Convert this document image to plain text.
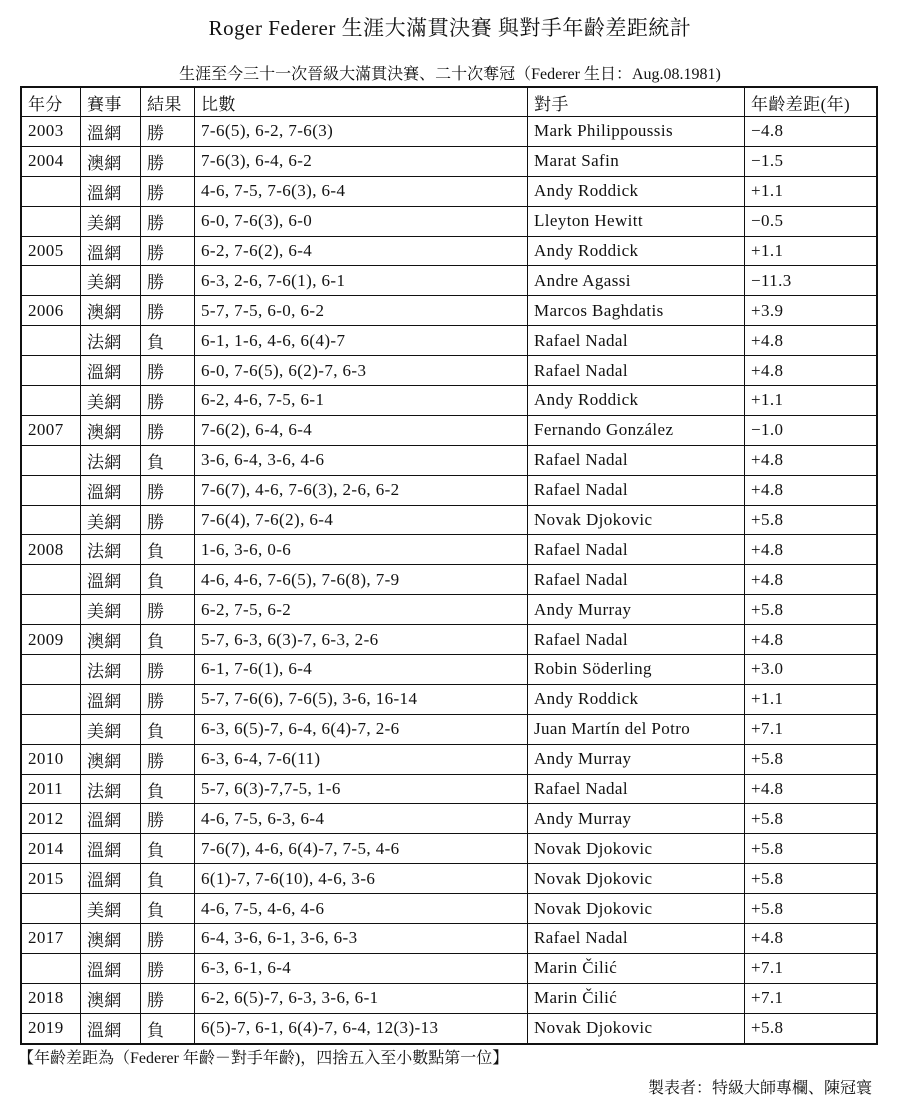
Roger Federer 生涯大滿貫決賽 與對手年齡差距統計
生涯至今三十一次晉級大滿貫決賽、二十次奪冠（Federer 生日：Aug.08.1981)
年分	賽事	結果	比數	對手	年齡差距(年)
2003	溫網	勝	7-6(5), 6-2, 7-6(3)	Mark Philippoussis	−4.8
2004	澳網	勝	7-6(3), 6-4, 6-2	Marat Safin	−1.5
	溫網	勝	4-6, 7-5, 7-6(3), 6-4	Andy Roddick	+1.1
	美網	勝	6-0, 7-6(3), 6-0	Lleyton Hewitt	−0.5
2005	溫網	勝	6-2, 7-6(2), 6-4	Andy Roddick	+1.1
	美網	勝	6-3, 2-6, 7-6(1), 6-1	Andre Agassi	−11.3
2006	澳網	勝	5-7, 7-5, 6-0, 6-2	Marcos Baghdatis	+3.9
	法網	負	6-1, 1-6, 4-6, 6(4)-7	Rafael Nadal	+4.8
	溫網	勝	6-0, 7-6(5), 6(2)-7, 6-3	Rafael Nadal	+4.8
	美網	勝	6-2, 4-6, 7-5, 6-1	Andy Roddick	+1.1
2007	澳網	勝	7-6(2), 6-4, 6-4	Fernando González	−1.0
	法網	負	3-6, 6-4, 3-6, 4-6	Rafael Nadal	+4.8
	溫網	勝	7-6(7), 4-6, 7-6(3), 2-6, 6-2	Rafael Nadal	+4.8
	美網	勝	7-6(4), 7-6(2), 6-4	Novak Djokovic	+5.8
2008	法網	負	1-6, 3-6, 0-6	Rafael Nadal	+4.8
	溫網	負	4-6, 4-6, 7-6(5), 7-6(8), 7-9	Rafael Nadal	+4.8
	美網	勝	6-2, 7-5, 6-2	Andy Murray	+5.8
2009	澳網	負	5-7, 6-3, 6(3)-7, 6-3, 2-6	Rafael Nadal	+4.8
	法網	勝	6-1, 7-6(1), 6-4	Robin Söderling	+3.0
	溫網	勝	5-7, 7-6(6), 7-6(5), 3-6, 16-14	Andy Roddick	+1.1
	美網	負	6-3, 6(5)-7, 6-4, 6(4)-7, 2-6	Juan Martín del Potro	+7.1
2010	澳網	勝	6-3, 6-4, 7-6(11)	Andy Murray	+5.8
2011	法網	負	5-7, 6(3)-7,7-5, 1-6	Rafael Nadal	+4.8
2012	溫網	勝	4-6, 7-5, 6-3, 6-4	Andy Murray	+5.8
2014	溫網	負	7-6(7), 4-6, 6(4)-7, 7-5, 4-6	Novak Djokovic	+5.8
2015	溫網	負	6(1)-7, 7-6(10), 4-6, 3-6	Novak Djokovic	+5.8
	美網	負	4-6, 7-5, 4-6, 4-6	Novak Djokovic	+5.8
2017	澳網	勝	6-4, 3-6, 6-1, 3-6, 6-3	Rafael Nadal	+4.8
	溫網	勝	6-3, 6-1, 6-4	Marin Čilić	+7.1
2018	澳網	勝	6-2, 6(5)-7, 6-3, 3-6, 6-1	Marin Čilić	+7.1
2019	溫網	負	6(5)-7, 6-1, 6(4)-7, 6-4, 12(3)-13	Novak Djokovic	+5.8
【年齡差距為（Federer 年齡－對手年齡)，四捨五入至小數點第一位】
製表者：特級大師專欄、陳冠寰
